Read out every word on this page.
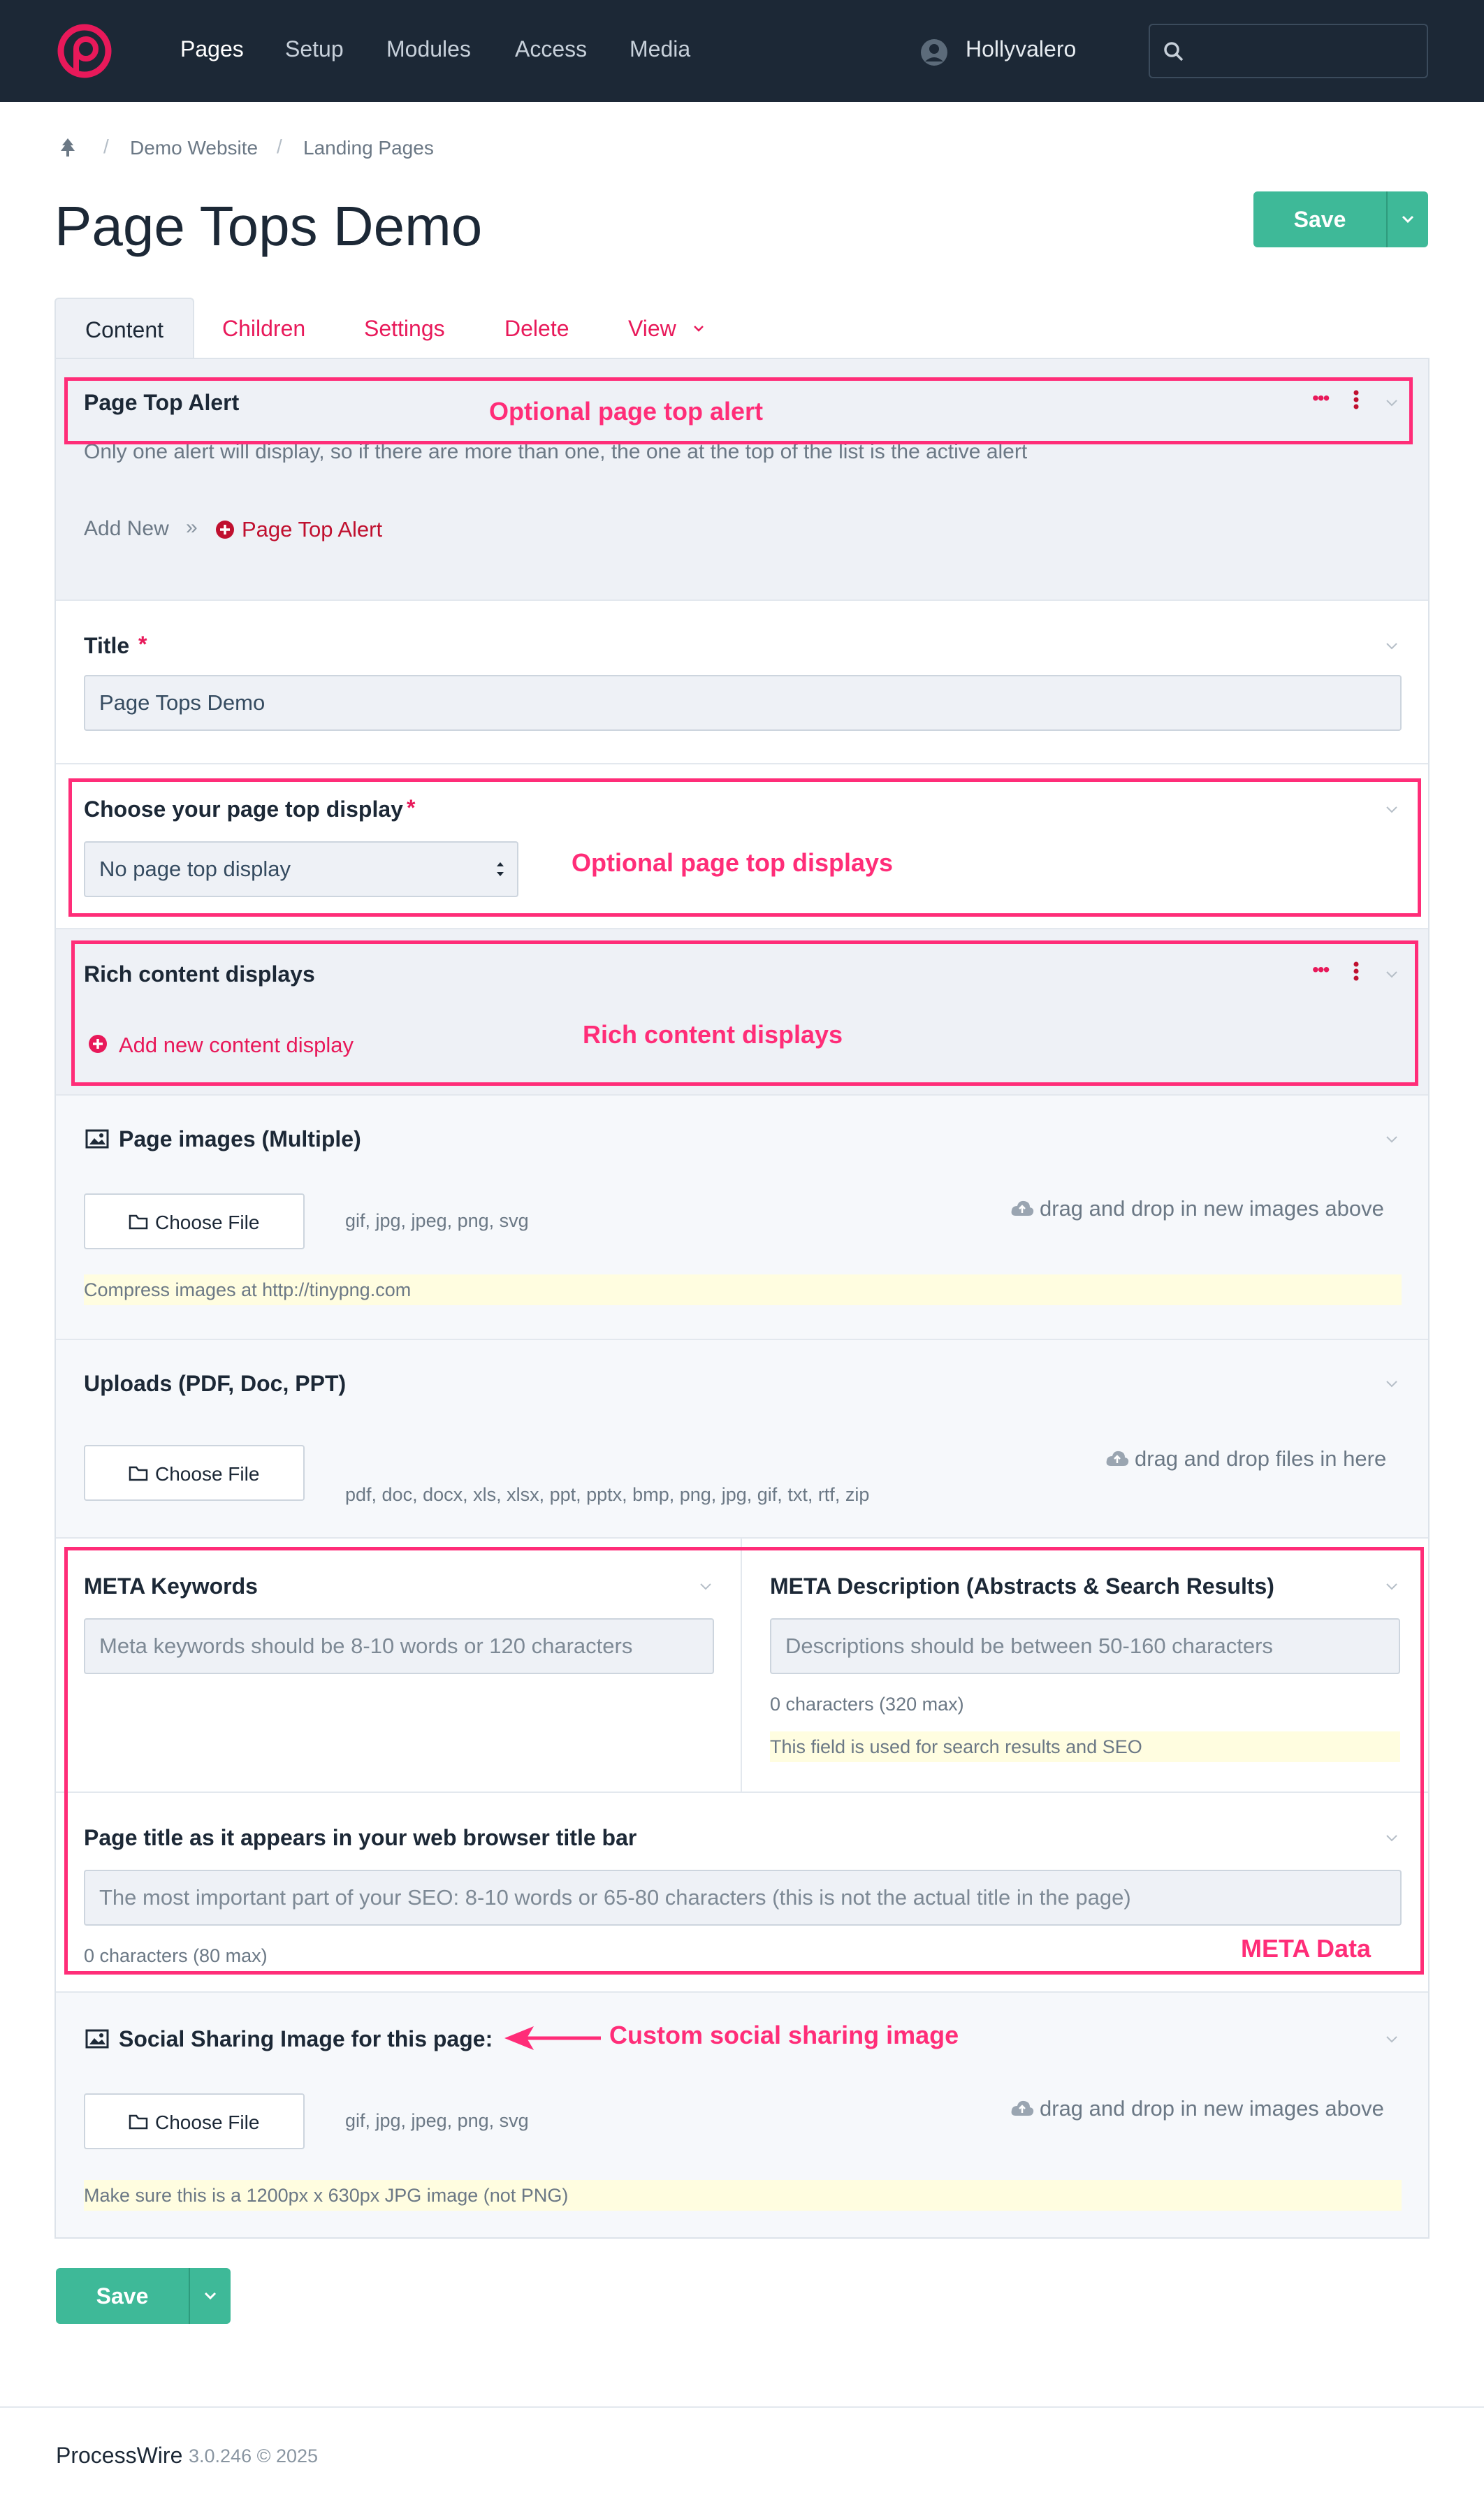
Pages Setup Modules Access Media	Hollyvalero
/ Demo Website / Landing Pages
Page Tops Demo	Save
Content	Children	Settings	Delete	View
Page Top Alert
Only one alert will display, so if there are more than one, the one at the top of the list is the active alert
Add New » Page Top Alert
•••
Title *
Page Tops Demo
Choose your page top display *
No page top display
Rich content displays
Add new content display
•••
Page images (Multiple)
Choose File	gif, jpg, jpeg, png, svg	drag and drop in new images above
Compress images at http://tinypng.com
Uploads (PDF, Doc, PPT)
Choose File
pdf, doc, docx, xls, xlsx, ppt, pptx, bmp, png, jpg, gif, txt, rtf, zip
drag and drop files in here
META Keywords
Meta keywords should be 8-10 words or 120 characters
META Description (Abstracts & Search Results)
Descriptions should be between 50-160 characters
0 characters (320 max)
This field is used for search results and SEO
Page title as it appears in your web browser title bar
The most important part of your SEO: 8-10 words or 65-80 characters (this is not the actual title in the page)
0 characters (80 max)
Social Sharing Image for this page:
Choose File	gif, jpg, jpeg, png, svg	drag and drop in new images above
Make sure this is a 1200px x 630px JPG image (not PNG)
Save
Optional page top alert
Optional page top displays
Rich content displays
META Data
Custom social sharing image
ProcessWire 3.0.246 © 2025
